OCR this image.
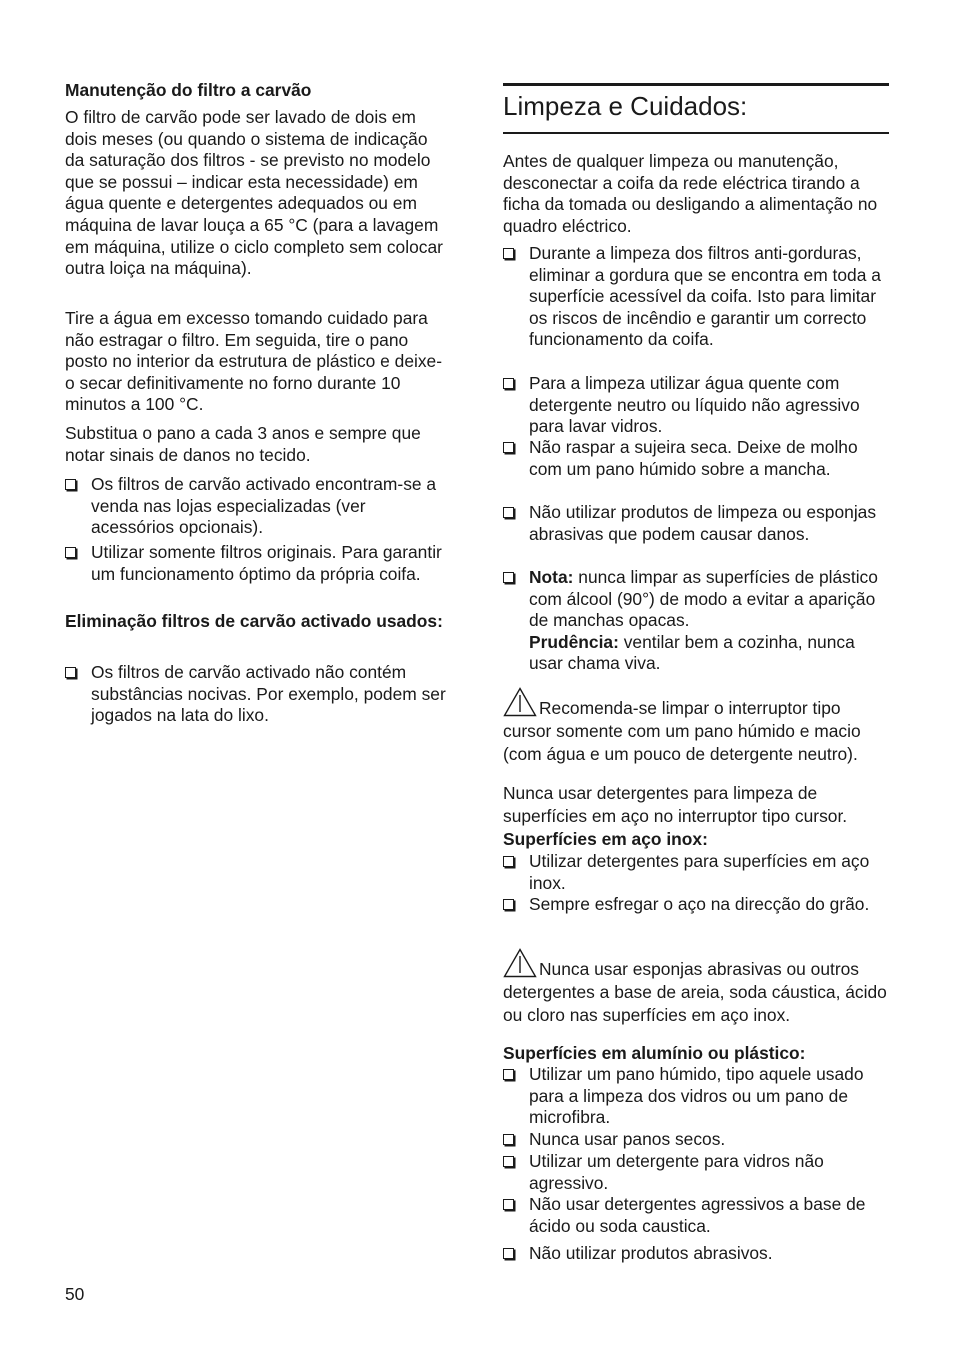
Manutenção do filtro a carvão

O filtro de carvão pode ser lavado de dois em dois meses (ou quando o sistema de indicação da saturação dos filtros - se previsto no modelo que se possui – indicar esta necessidade) em água quente e detergentes adequados ou em máquina de lavar louça a 65 °C (para a lavagem em máquina, utilize o ciclo completo sem colocar outra loiça na máquina).

Tire a água em excesso tomando cuidado para não estragar o filtro. Em seguida, tire o pano posto no interior da estrutura de plástico e deixe-o secar definitivamente no forno durante 10 minutos a 100 °C.

Substitua o pano a cada 3 anos e sempre que notar sinais de danos no tecido.

Os filtros de carvão activado encontram-se a venda nas lojas especializadas (ver acessórios opcionais).
Utilizar somente filtros originais. Para garantir um funcionamento óptimo da própria coifa.
Eliminação filtros de carvão activado usados:
Os filtros de carvão activado não contém substâncias nocivas. Por exemplo, podem ser jogados na lata do lixo.
Limpeza e Cuidados:

Antes de qualquer limpeza ou manutenção, desconectar a coifa da rede eléctrica tirando a ficha da tomada ou desligando a alimentação no quadro eléctrico.

Durante a limpeza dos filtros anti-gorduras, eliminar a gordura que se encontra em toda a superfície acessível da coifa. Isto para limitar os riscos de incêndio e garantir um correcto funcionamento da coifa.
Para a limpeza utilizar água quente com detergente neutro ou líquido não agressivo para lavar vidros.
Não raspar a sujeira seca. Deixe de molho com um pano húmido sobre a mancha.
Não utilizar produtos de limpeza ou esponjas abrasivas que podem causar danos.
Nota: nunca limpar as superfícies de plástico com álcool (90°) de modo a evitar a aparição de manchas opacas.
Prudência: ventilar bem a cozinha, nunca usar chama viva.

Recomenda-se limpar o interruptor tipo cursor somente com um pano húmido e macio (com água e um pouco de detergente neutro).

Nunca usar detergentes para limpeza de superfícies em aço no interruptor tipo cursor.

Superfícies em aço inox:
Utilizar detergentes para superfícies em aço inox.
Sempre esfregar o aço na direcção do grão.

Nunca usar esponjas abrasivas ou outros detergentes a base de areia, soda cáustica, ácido ou cloro nas superfícies em aço inox.

Superfícies em alumínio ou plástico:
Utilizar um pano húmido, tipo aquele usado para a limpeza dos vidros ou um pano de microfibra.
Nunca usar panos secos.
Utilizar um detergente para vidros não agressivo.
Não usar detergentes agressivos a base de ácido ou soda caustica.
Não utilizar produtos abrasivos.
50
